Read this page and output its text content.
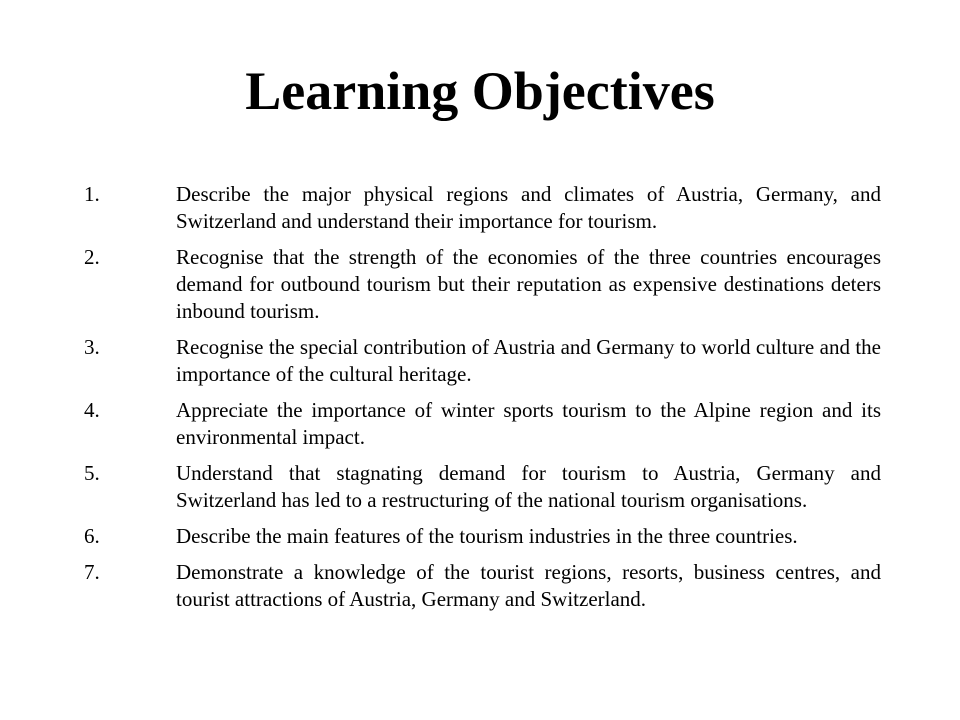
Learning Objectives
1.	Describe the major physical regions and climates of Austria, Germany, and Switzerland and understand their importance for tourism.
2.	Recognise that the strength of the economies of the three countries encourages demand for outbound tourism but their reputation as expensive destinations deters inbound tourism.
3.	Recognise the special contribution of Austria and Germany to world culture and the importance of the cultural heritage.
4.	Appreciate the importance of winter sports tourism to the Alpine region and its environmental impact.
5.	Understand that stagnating demand for tourism to Austria, Germany and Switzerland has led to a restructuring of the national tourism organisations.
6.	Describe the main features of the tourism industries in the three countries.
7.	Demonstrate a knowledge of the tourist regions, resorts, business centres, and tourist attractions of Austria, Germany and Switzerland.
